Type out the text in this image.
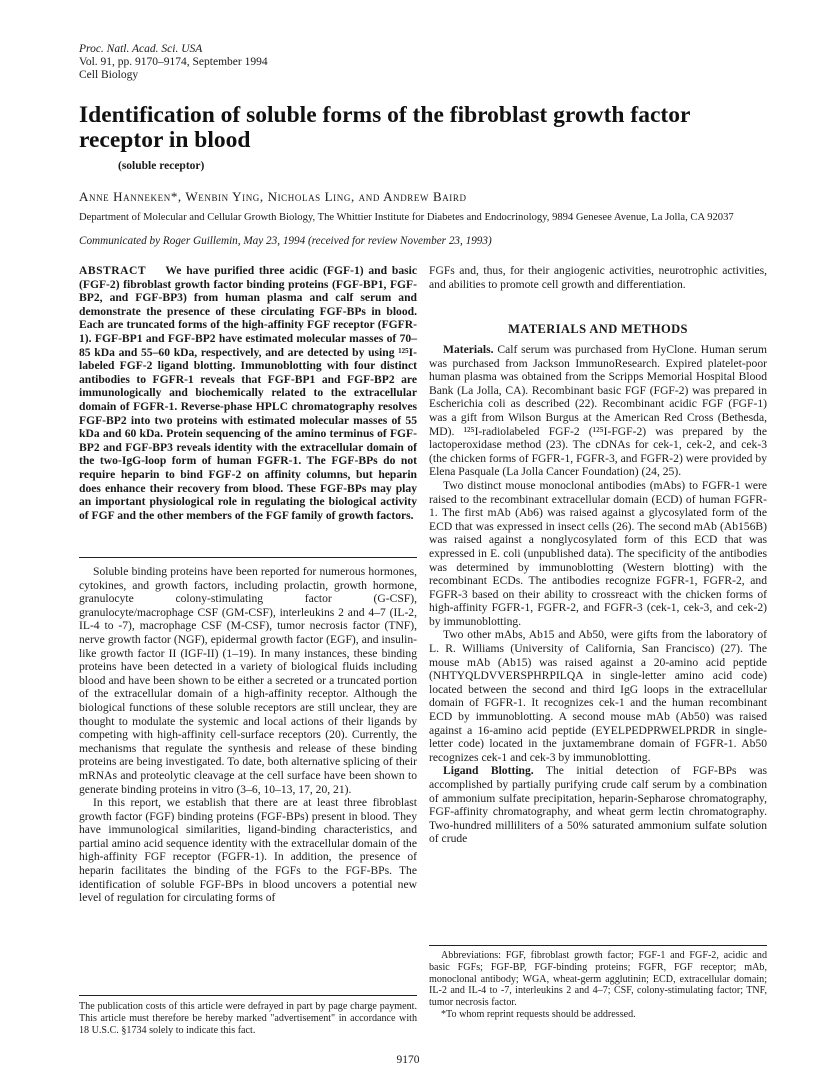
Proc. Natl. Acad. Sci. USA
Vol. 91, pp. 9170–9174, September 1994
Cell Biology
Identification of soluble forms of the fibroblast growth factor receptor in blood
(soluble receptor)
Anne Hanneken*, Wenbin Ying, Nicholas Ling, and Andrew Baird
Department of Molecular and Cellular Growth Biology, The Whittier Institute for Diabetes and Endocrinology, 9894 Genesee Avenue, La Jolla, CA 92037
Communicated by Roger Guillemin, May 23, 1994 (received for review November 23, 1993)
ABSTRACT We have purified three acidic (FGF-1) and basic (FGF-2) fibroblast growth factor binding proteins (FGF-BP1, FGF-BP2, and FGF-BP3) from human plasma and calf serum and demonstrate the presence of these circulating FGF-BPs in blood. Each are truncated forms of the high-affinity FGF receptor (FGFR-1). FGF-BP1 and FGF-BP2 have estimated molecular masses of 70–85 kDa and 55–60 kDa, respectively, and are detected by using ¹²⁵I-labeled FGF-2 ligand blotting. Immunoblotting with four distinct antibodies to FGFR-1 reveals that FGF-BP1 and FGF-BP2 are immunologically and biochemically related to the extracellular domain of FGFR-1. Reverse-phase HPLC chromatography resolves FGF-BP2 into two proteins with estimated molecular masses of 55 kDa and 60 kDa. Protein sequencing of the amino terminus of FGF-BP2 and FGF-BP3 reveals identity with the extracellular domain of the two-IgG-loop form of human FGFR-1. The FGF-BPs do not require heparin to bind FGF-2 on affinity columns, but heparin does enhance their recovery from blood. These FGF-BPs may play an important physiological role in regulating the biological activity of FGF and the other members of the FGF family of growth factors.

Soluble binding proteins have been reported for numerous hormones, cytokines, and growth factors, including prolactin, growth hormone, granulocyte colony-stimulating factor (G-CSF), granulocyte/macrophage CSF (GM-CSF), interleukins 2 and 4–7 (IL-2, IL-4 to -7), macrophage CSF (M-CSF), tumor necrosis factor (TNF), nerve growth factor (NGF), epidermal growth factor (EGF), and insulin-like growth factor II (IGF-II) (1–19). In many instances, these binding proteins have been detected in a variety of biological fluids including blood and have been shown to be either a secreted or a truncated portion of the extracellular domain of a high-affinity receptor. Although the biological functions of these soluble receptors are still unclear, they are thought to modulate the systemic and local actions of their ligands by competing with high-affinity cell-surface receptors (20). Currently, the mechanisms that regulate the synthesis and release of these binding proteins are being investigated. To date, both alternative splicing of their mRNAs and proteolytic cleavage at the cell surface have been shown to generate binding proteins in vitro (3–6, 10–13, 17, 20, 21).

In this report, we establish that there are at least three fibroblast growth factor (FGF) binding proteins (FGF-BPs) present in blood. They have immunological similarities, ligand-binding characteristics, and partial amino acid sequence identity with the extracellular domain of the high-affinity FGF receptor (FGFR-1). In addition, the presence of heparin facilitates the binding of the FGFs to the FGF-BPs. The identification of soluble FGF-BPs in blood uncovers a potential new level of regulation for circulating forms of

The publication costs of this article were defrayed in part by page charge payment. This article must therefore be hereby marked "advertisement" in accordance with 18 U.S.C. §1734 solely to indicate this fact.
FGFs and, thus, for their angiogenic activities, neurotrophic activities, and abilities to promote cell growth and differentiation.
MATERIALS AND METHODS

Materials. Calf serum was purchased from HyClone. Human serum was purchased from Jackson ImmunoResearch. Expired platelet-poor human plasma was obtained from the Scripps Memorial Hospital Blood Bank (La Jolla, CA). Recombinant basic FGF (FGF-2) was prepared in Escherichia coli as described (22). Recombinant acidic FGF (FGF-1) was a gift from Wilson Burgus at the American Red Cross (Bethesda, MD). ¹²⁵I-radiolabeled FGF-2 (¹²⁵I-FGF-2) was prepared by the lactoperoxidase method (23). The cDNAs for cek-1, cek-2, and cek-3 (the chicken forms of FGFR-1, FGFR-3, and FGFR-2) were provided by Elena Pasquale (La Jolla Cancer Foundation) (24, 25).

Two distinct mouse monoclonal antibodies (mAbs) to FGFR-1 were raised to the recombinant extracellular domain (ECD) of human FGFR-1. The first mAb (Ab6) was raised against a glycosylated form of the ECD that was expressed in insect cells (26). The second mAb (Ab156B) was raised against a nonglycosylated form of this ECD that was expressed in E. coli (unpublished data). The specificity of the antibodies was determined by immunoblotting (Western blotting) with the recombinant ECDs. The antibodies recognize FGFR-1, FGFR-2, and FGFR-3 based on their ability to crossreact with the chicken forms of high-affinity FGFR-1, FGFR-2, and FGFR-3 (cek-1, cek-3, and cek-2) by immunoblotting.

Two other mAbs, Ab15 and Ab50, were gifts from the laboratory of L. R. Williams (University of California, San Francisco) (27). The mouse mAb (Ab15) was raised against a 20-amino acid peptide (NHTYQLDVVERSPHRPILQA in single-letter amino acid code) located between the second and third IgG loops in the extracellular domain of FGFR-1. It recognizes cek-1 and the human recombinant ECD by immunoblotting. A second mouse mAb (Ab50) was raised against a 16-amino acid peptide (EYELPEDPRWELPRDR in single-letter code) located in the juxtamembrane domain of FGFR-1. Ab50 recognizes cek-1 and cek-3 by immunoblotting.

Ligand Blotting. The initial detection of FGF-BPs was accomplished by partially purifying crude calf serum by a combination of ammonium sulfate precipitation, heparin-Sepharose chromatography, FGF-affinity chromatography, and wheat germ lectin chromatography. Two-hundred milliliters of a 50% saturated ammonium sulfate solution of crude

Abbreviations: FGF, fibroblast growth factor; FGF-1 and FGF-2, acidic and basic FGFs; FGF-BP, FGF-binding proteins; FGFR, FGF receptor; mAb, monoclonal antibody; WGA, wheat-germ agglutinin; ECD, extracellular domain; IL-2 and IL-4 to -7, interleukins 2 and 4–7; CSF, colony-stimulating factor; TNF, tumor necrosis factor.

*To whom reprint requests should be addressed.

9170
